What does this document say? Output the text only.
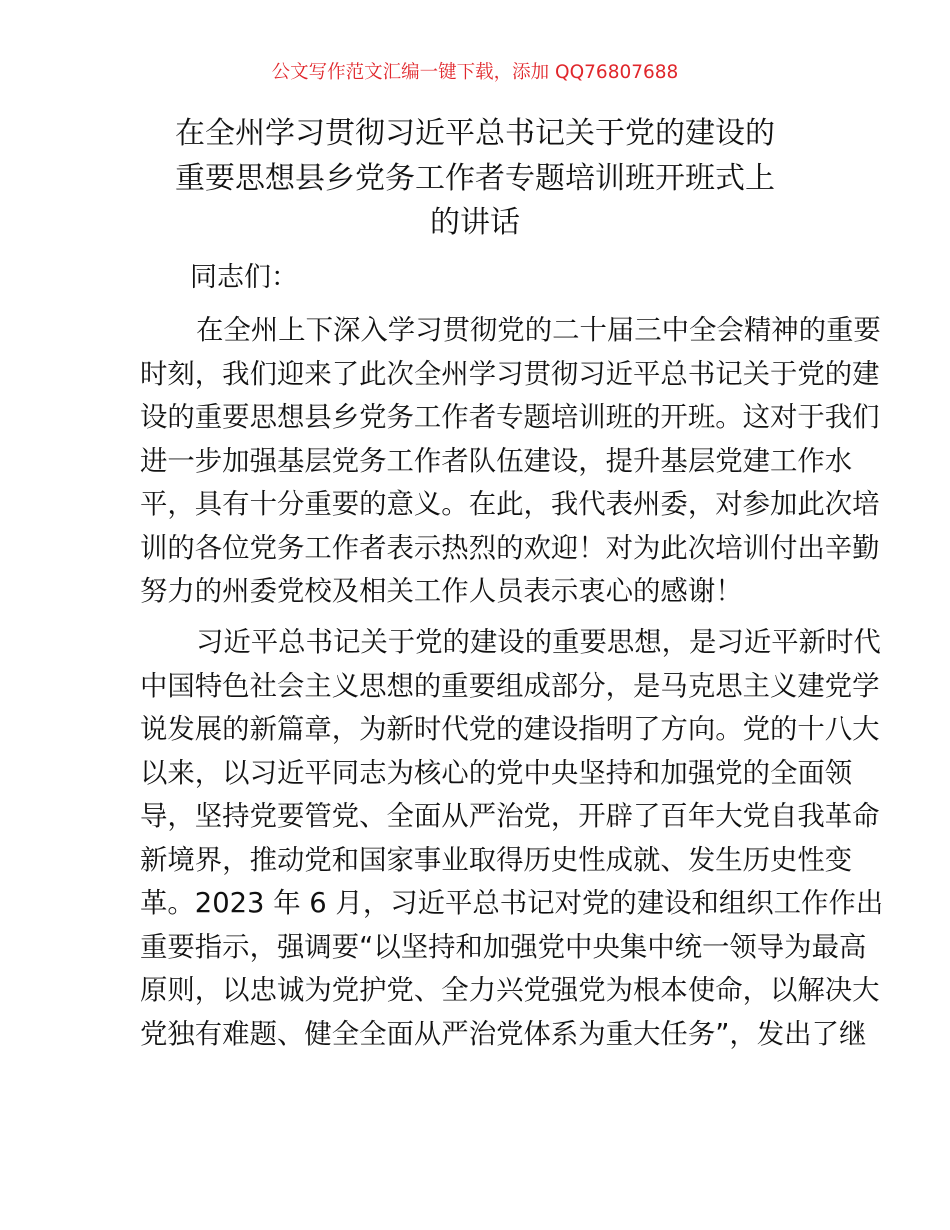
公文写作范文汇编一键下载，添加 QQ76807688
在全州学习贯彻习近平总书记关于党的建设的
重要思想县乡党务工作者专题培训班开班式上
的讲话
同志们：
在全州上下深入学习贯彻党的二十届三中全会精神的重要
时刻，我们迎来了此次全州学习贯彻习近平总书记关于党的建
设的重要思想县乡党务工作者专题培训班的开班。这对于我们
进一步加强基层党务工作者队伍建设，提升基层党建工作水
平，具有十分重要的意义。在此，我代表州委，对参加此次培
训的各位党务工作者表示热烈的欢迎！对为此次培训付出辛勤
努力的州委党校及相关工作人员表示衷心的感谢！
习近平总书记关于党的建设的重要思想，是习近平新时代
中国特色社会主义思想的重要组成部分，是马克思主义建党学
说发展的新篇章，为新时代党的建设指明了方向。党的十八大
以来，以习近平同志为核心的党中央坚持和加强党的全面领
导，坚持党要管党、全面从严治党，开辟了百年大党自我革命
新境界，推动党和国家事业取得历史性成就、发生历史性变
革。2023 年 6 月，习近平总书记对党的建设和组织工作作出
重要指示，强调要“以坚持和加强党中央集中统一领导为最高
原则，以忠诚为党护党、全力兴党强党为根本使命，以解决大
党独有难题、健全全面从严治党体系为重大任务”，发出了继
